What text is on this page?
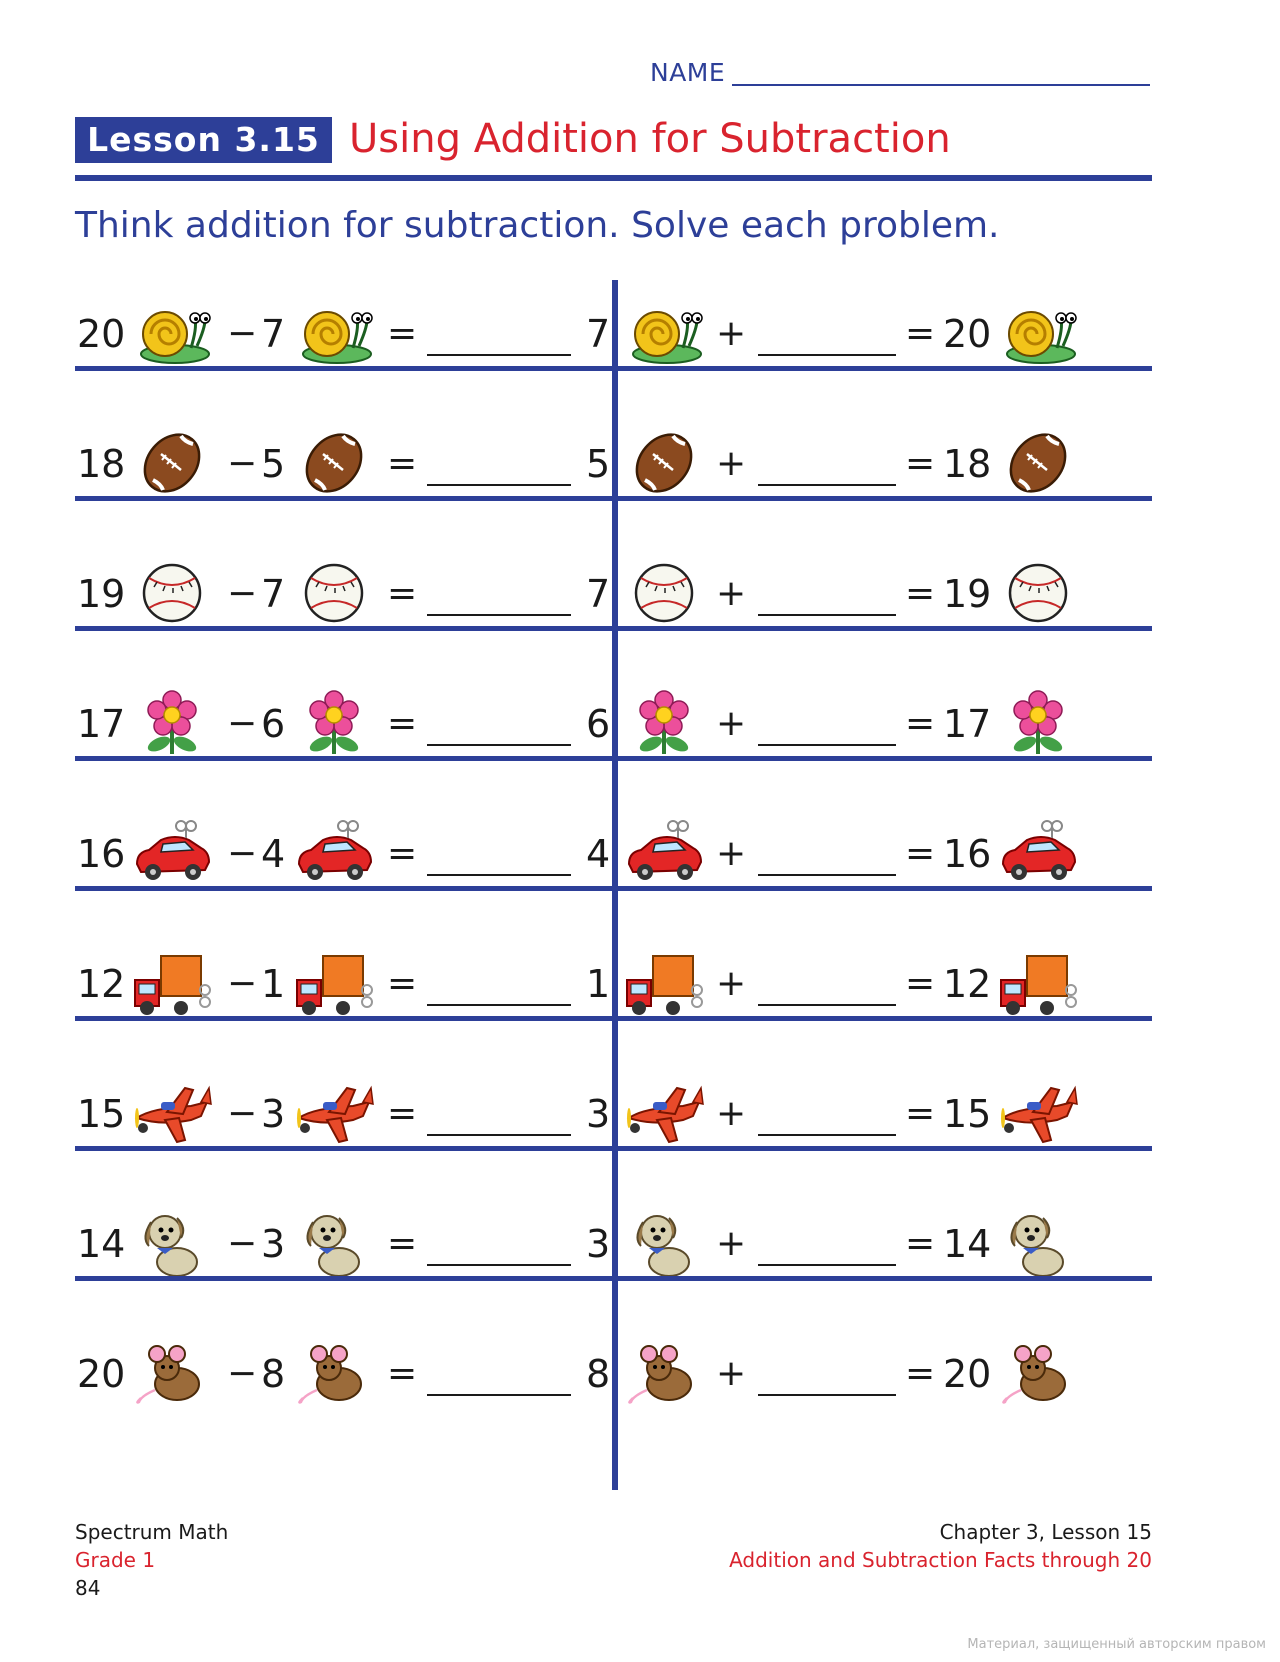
NAME
Lesson 3.15 Using Addition for Subtraction
Think addition for subtraction. Solve each problem.
20	− 7	=	7	+	= 20
18	− 5	=	5	+	= 18
19	− 7	=	7	+	= 19
17	− 6	=	6	+	= 17
16	− 4	=	4	+	= 16
12	− 1	=	1	+	= 12
15	− 3	=	3	+	= 15
14	− 3	=	3	+	= 14
20	− 8	=	8	+	= 20
Spectrum Math
Grade 1
84
Chapter 3, Lesson 15
Addition and Subtraction Facts through 20
Материал, защищенный авторским правом
